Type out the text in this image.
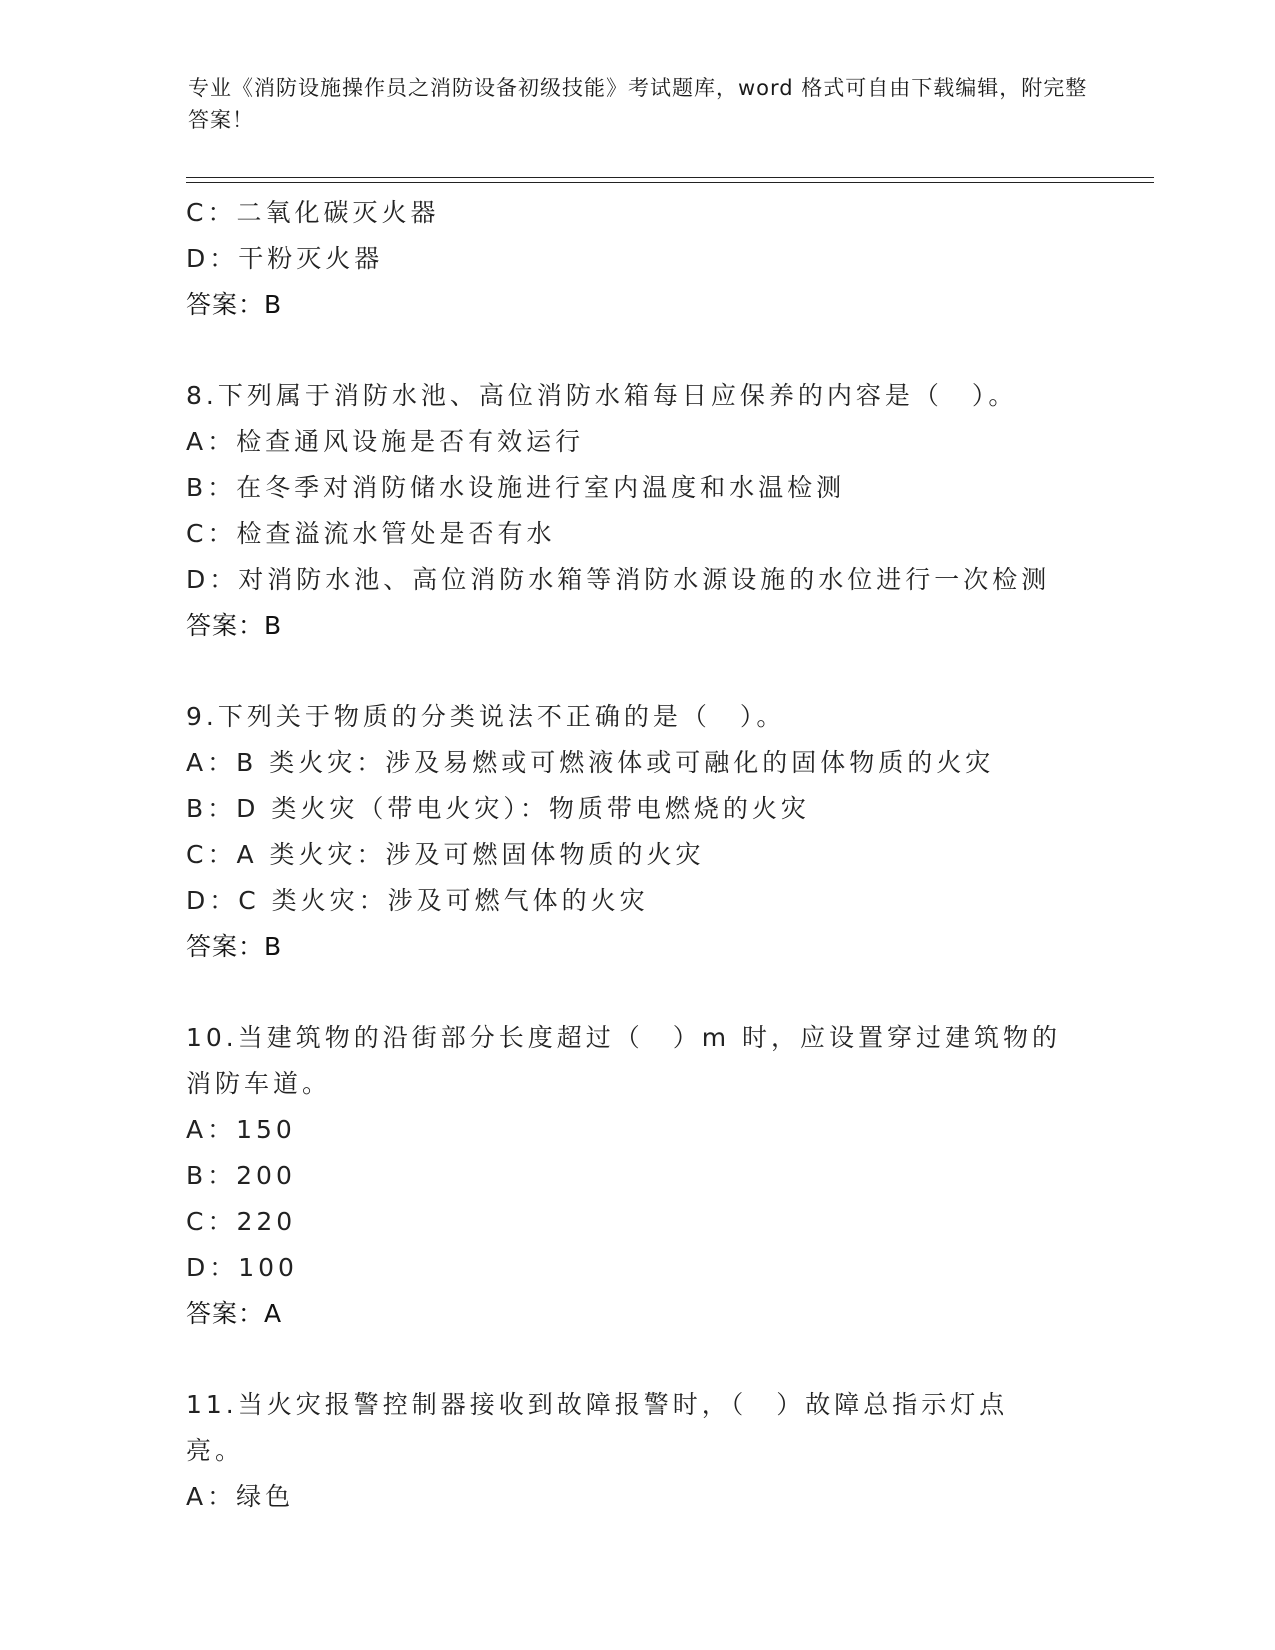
专业《消防设施操作员之消防设备初级技能》考试题库，word 格式可自由下载编辑，附完整答案！
C：二氧化碳灭火器
D：干粉灭火器
答案：B
8.下列属于消防水池、高位消防水箱每日应保养的内容是（　）。
A：检查通风设施是否有效运行
B：在冬季对消防储水设施进行室内温度和水温检测
C：检查溢流水管处是否有水
D：对消防水池、高位消防水箱等消防水源设施的水位进行一次检测
答案：B
9.下列关于物质的分类说法不正确的是（　）。
A：B 类火灾：涉及易燃或可燃液体或可融化的固体物质的火灾
B：D 类火灾（带电火灾）：物质带电燃烧的火灾
C：A 类火灾：涉及可燃固体物质的火灾
D：C 类火灾：涉及可燃气体的火灾
答案：B
10.当建筑物的沿街部分长度超过（　）m 时，应设置穿过建筑物的消防车道。
A：150
B：200
C：220
D：100
答案：A
11.当火灾报警控制器接收到故障报警时，（　）故障总指示灯点亮。
A：绿色
